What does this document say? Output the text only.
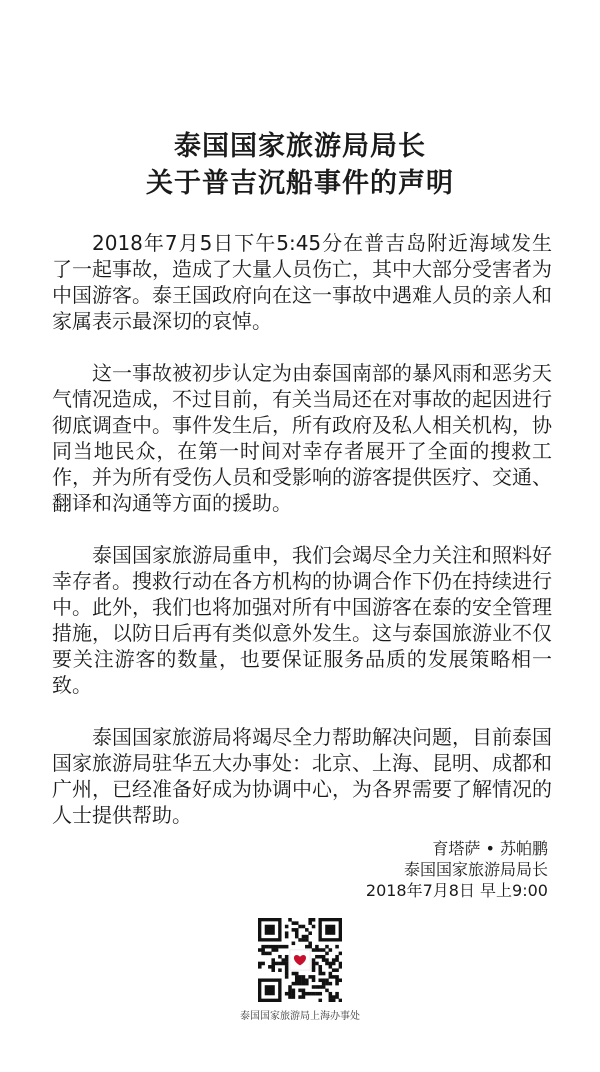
泰国国家旅游局局长
关于普吉沉船事件的声明

2018年7月5日下午5:45分在普吉岛附近海域发生了一起事故，造成了大量人员伤亡，其中大部分受害者为中国游客。泰王国政府向在这一事故中遇难人员的亲人和家属表示最深切的哀悼。

这一事故被初步认定为由泰国南部的暴风雨和恶劣天气情况造成，不过目前，有关当局还在对事故的起因进行彻底调查中。事件发生后，所有政府及私人相关机构，协同当地民众，在第一时间对幸存者展开了全面的搜救工作，并为所有受伤人员和受影响的游客提供医疗、交通、翻译和沟通等方面的援助。

泰国国家旅游局重申，我们会竭尽全力关注和照料好幸存者。搜救行动在各方机构的协调合作下仍在持续进行中。此外，我们也将加强对所有中国游客在泰的安全管理措施，以防日后再有类似意外发生。这与泰国旅游业不仅要关注游客的数量，也要保证服务品质的发展策略相一致。

泰国国家旅游局将竭尽全力帮助解决问题，目前泰国国家旅游局驻华五大办事处：北京、上海、昆明、成都和广州，已经准备好成为协调中心，为各界需要了解情况的人士提供帮助。

育塔萨 • 苏帕鹏
泰国国家旅游局局长
2018年7月8日 早上9:00
泰国国家旅游局上海办事处
